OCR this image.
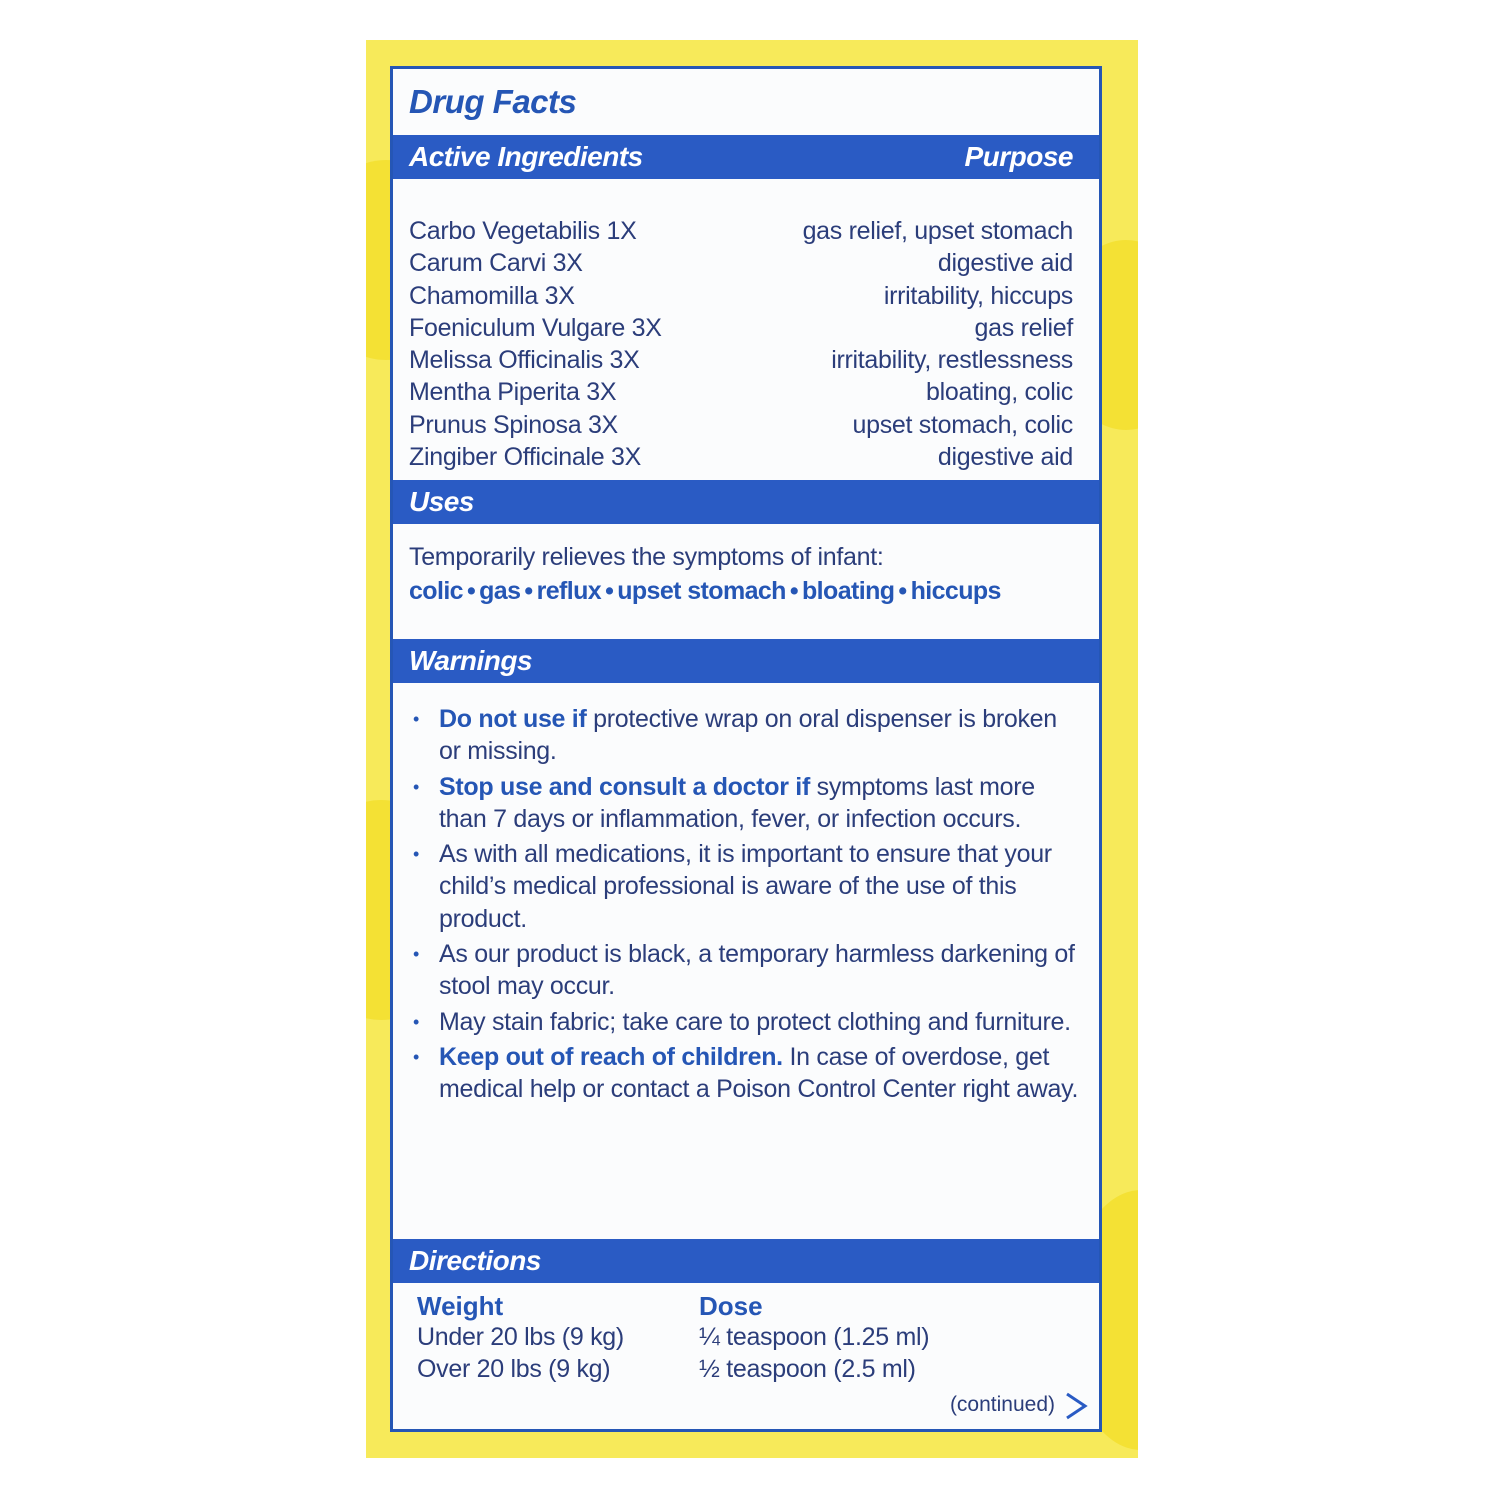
Drug Facts
Active Ingredients	Purpose
Carbo Vegetabilis 1X	gas relief, upset stomach
Carum Carvi 3X	digestive aid
Chamomilla 3X	irritability, hiccups
Foeniculum Vulgare 3X	gas relief
Melissa Officinalis 3X	irritability, restlessness
Mentha Piperita 3X	bloating, colic
Prunus Spinosa 3X	upset stomach, colic
Zingiber Officinale 3X	digestive aid
Uses
Temporarily relieves the symptoms of infant:
colic • gas • reflux • upset stomach • bloating • hiccups
Warnings
• Do not use if protective wrap on oral dispenser is broken or missing.
• Stop use and consult a doctor if symptoms last more than 7 days or inflammation, fever, or infection occurs.
• As with all medications, it is important to ensure that your child’s medical professional is aware of the use of this product.
• As our product is black, a temporary harmless darkening of stool may occur.
• May stain fabric; take care to protect clothing and furniture.
• Keep out of reach of children. In case of overdose, get medical help or contact a Poison Control Center right away.
Directions
Weight	Dose
Under 20 lbs (9 kg)	¼ teaspoon (1.25 ml)
Over 20 lbs (9 kg)	½ teaspoon (2.5 ml)
(continued)
